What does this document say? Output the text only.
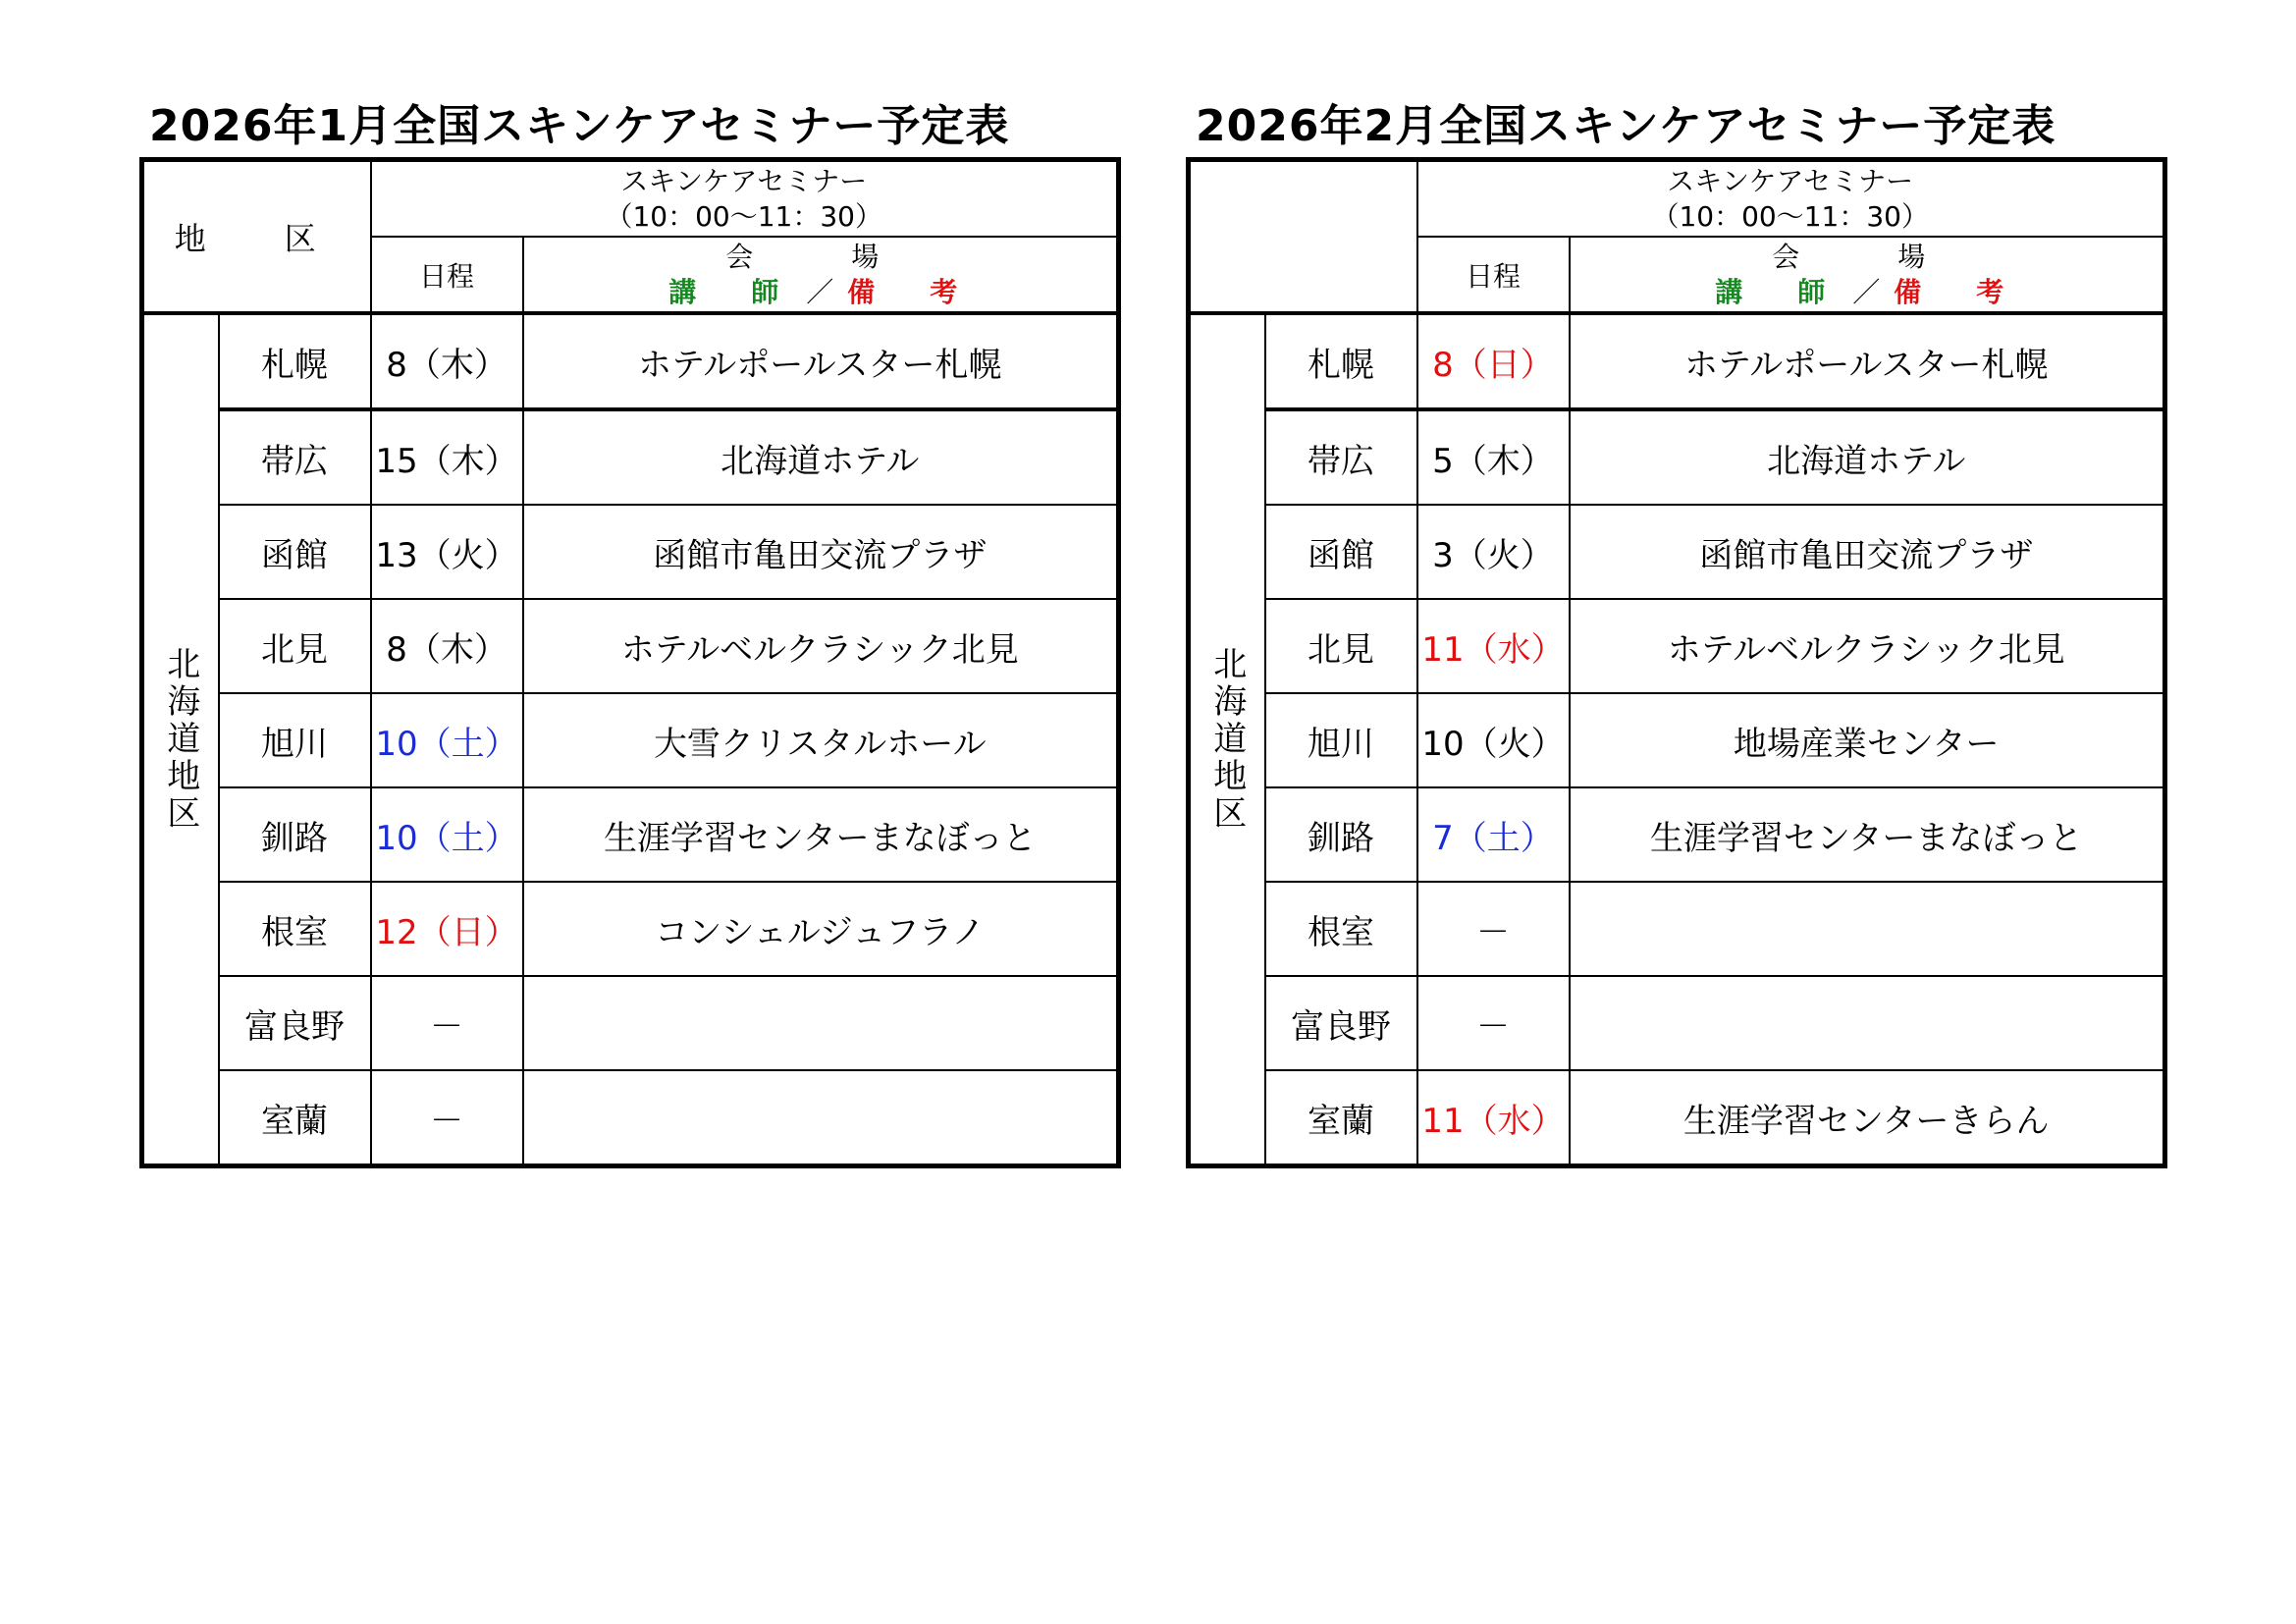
2026年1月全国スキンケアセミナー予定表
地　区		スキンケアセミナー
（10：00～11：30）	

		日程	会　場
講　師 ／ 備　考

北海道地区	札幌	8（木）	ホテルポールスター札幌
	帯広	15（木）	北海道ホテル
	函館	13（火）	函館市亀田交流プラザ
	北見	8（木）	ホテルベルクラシック北見
	旭川	10（土）	大雪クリスタルホール
	釧路	10（土）	生涯学習センターまなぼっと
	根室	12（日）	コンシェルジュフラノ
	富良野	－	
	室蘭	－	
2026年2月全国スキンケアセミナー予定表

		スキンケアセミナー
（10：00～11：30）	

		日程	会　場
講　師 ／ 備　考

北海道地区	札幌	8（日）	ホテルポールスター札幌
	帯広	5（木）	北海道ホテル
	函館	3（火）	函館市亀田交流プラザ
	北見	11（水）	ホテルベルクラシック北見
	旭川	10（火）	地場産業センター
	釧路	7（土）	生涯学習センターまなぼっと
	根室	－	
	富良野	－	
	室蘭	11（水）	生涯学習センターきらん
